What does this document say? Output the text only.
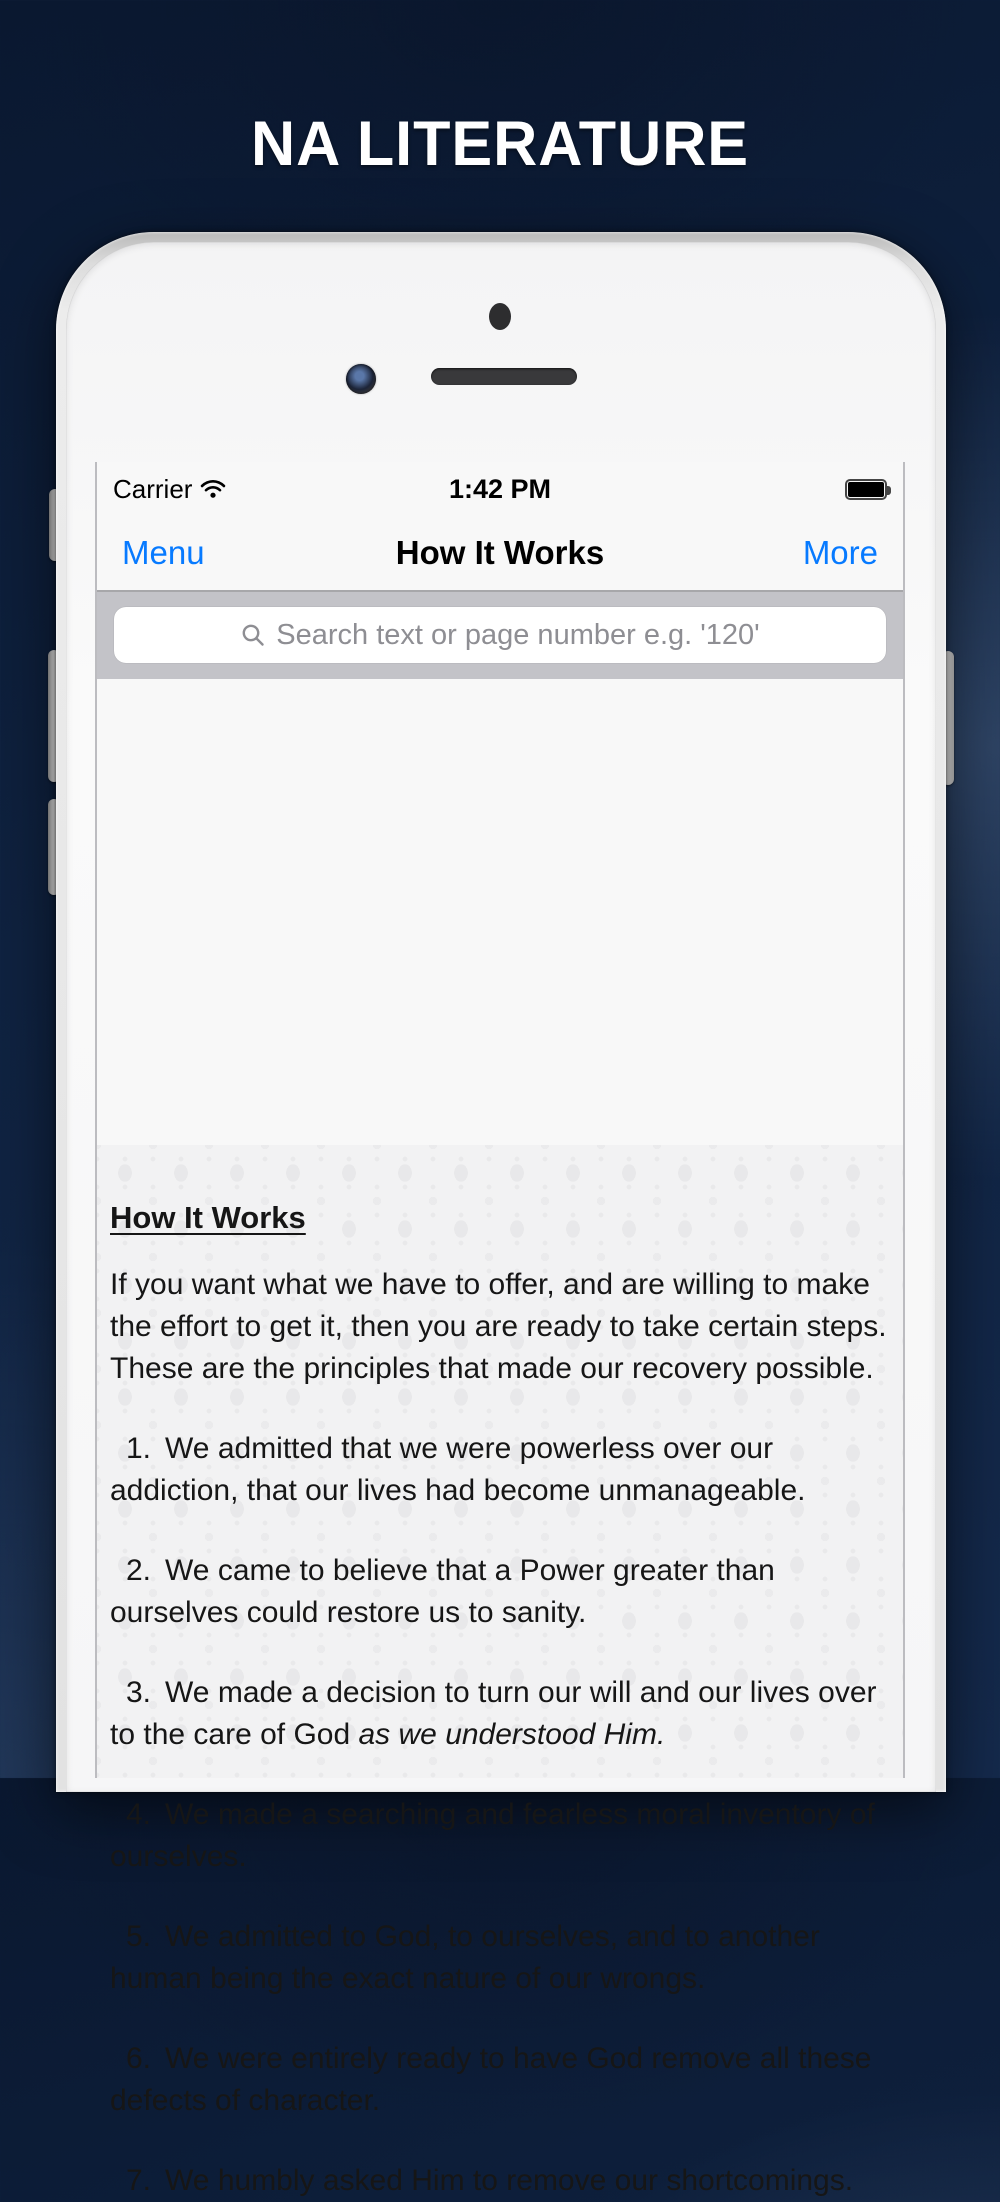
NA LITERATURE
Carrier	1:42 PM
Menu	How It Works	More
Search text or page number e.g. '120'
How It Works

If you want what we have to offer, and are willing to make the effort to get it, then you are ready to take certain steps. These are the principles that made our recovery possible.

1. We admitted that we were powerless over our addiction, that our lives had become unmanageable.

2. We came to believe that a Power greater than ourselves could restore us to sanity.

3. We made a decision to turn our will and our lives over to the care of God as we understood Him.

4. We made a searching and fearless moral inventory of ourselves.

5. We admitted to God, to ourselves, and to another human being the exact nature of our wrongs.

6. We were entirely ready to have God remove all these defects of character.

7. We humbly asked Him to remove our shortcomings.
